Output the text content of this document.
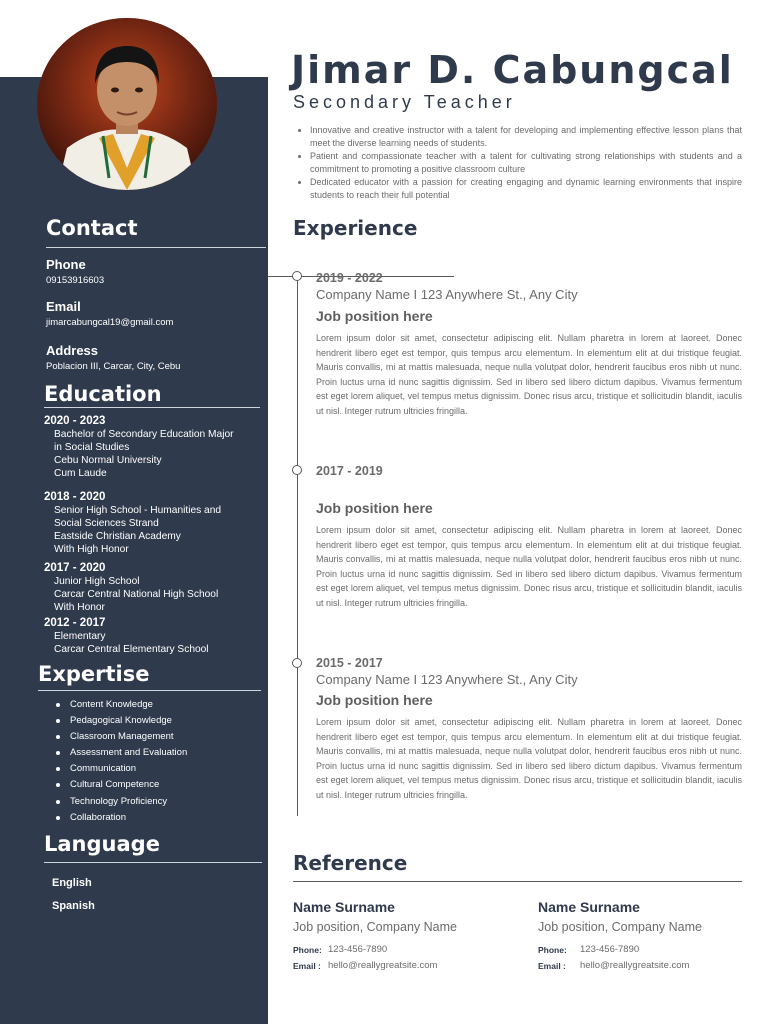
Contact
Phone
09153916603
Email
jimarcabungcal19@gmail.com
Address
Poblacion III, Carcar, City, Cebu
Education
2020 - 2023
Bachelor of Secondary Education Major
in Social Studies
Cebu Normal University
Cum Laude
2018 - 2020
Senior High School - Humanities and
Social Sciences Strand
Eastside Christian Academy
With High Honor
2017 - 2020
Junior High School
Carcar Central National High School
With Honor
2012 - 2017
Elementary
Carcar Central Elementary School
Expertise
Content Knowledge
Pedagogical Knowledge
Classroom Management
Assessment and Evaluation
Communication
Cultural Competence
Technology Proficiency
Collaboration
Language
English
Spanish
Jimar D. Cabungcal
Secondary Teacher
Innovative and creative instructor with a talent for developing and implementing effective lesson plans that meet the diverse learning needs of students.
Patient and compassionate teacher with a talent for cultivating strong relationships with students and a commitment to promoting a positive classroom culture
Dedicated educator with a passion for creating engaging and dynamic learning environments that inspire students to reach their full potential
Experience
2019 - 2022
Company Name I 123 Anywhere St., Any City
Job position here

Lorem ipsum dolor sit amet, consectetur adipiscing elit. Nullam pharetra in lorem at laoreet. Donec hendrerit libero eget est tempor, quis tempus arcu elementum. In elementum elit at dui tristique feugiat. Mauris convallis, mi at mattis malesuada, neque nulla volutpat dolor, hendrerit faucibus eros nibh ut nunc. Proin luctus urna id nunc sagittis dignissim. Sed in libero sed libero dictum dapibus. Vivamus fermentum est eget lorem aliquet, vel tempus metus dignissim. Donec risus arcu, tristique et sollicitudin blandit, iaculis ut nisl. Integer rutrum ultricies fringilla.

2017 - 2019
Job position here

Lorem ipsum dolor sit amet, consectetur adipiscing elit. Nullam pharetra in lorem at laoreet. Donec hendrerit libero eget est tempor, quis tempus arcu elementum. In elementum elit at dui tristique feugiat. Mauris convallis, mi at mattis malesuada, neque nulla volutpat dolor, hendrerit faucibus eros nibh ut nunc. Proin luctus urna id nunc sagittis dignissim. Sed in libero sed libero dictum dapibus. Vivamus fermentum est eget lorem aliquet, vel tempus metus dignissim. Donec risus arcu, tristique et sollicitudin blandit, iaculis ut nisl. Integer rutrum ultricies fringilla.

2015 - 2017
Company Name I 123 Anywhere St., Any City
Job position here

Lorem ipsum dolor sit amet, consectetur adipiscing elit. Nullam pharetra in lorem at laoreet. Donec hendrerit libero eget est tempor, quis tempus arcu elementum. In elementum elit at dui tristique feugiat. Mauris convallis, mi at mattis malesuada, neque nulla volutpat dolor, hendrerit faucibus eros nibh ut nunc. Proin luctus urna id nunc sagittis dignissim. Sed in libero sed libero dictum dapibus. Vivamus fermentum est eget lorem aliquet, vel tempus metus dignissim. Donec risus arcu, tristique et sollicitudin blandit, iaculis ut nisl. Integer rutrum ultricies fringilla.

Reference
Name Surname
Job position, Company Name
Phone: 123-456-7890
Email : hello@reallygreatsite.com
Name Surname
Job position, Company Name
Phone: 123-456-7890
Email : hello@reallygreatsite.com
